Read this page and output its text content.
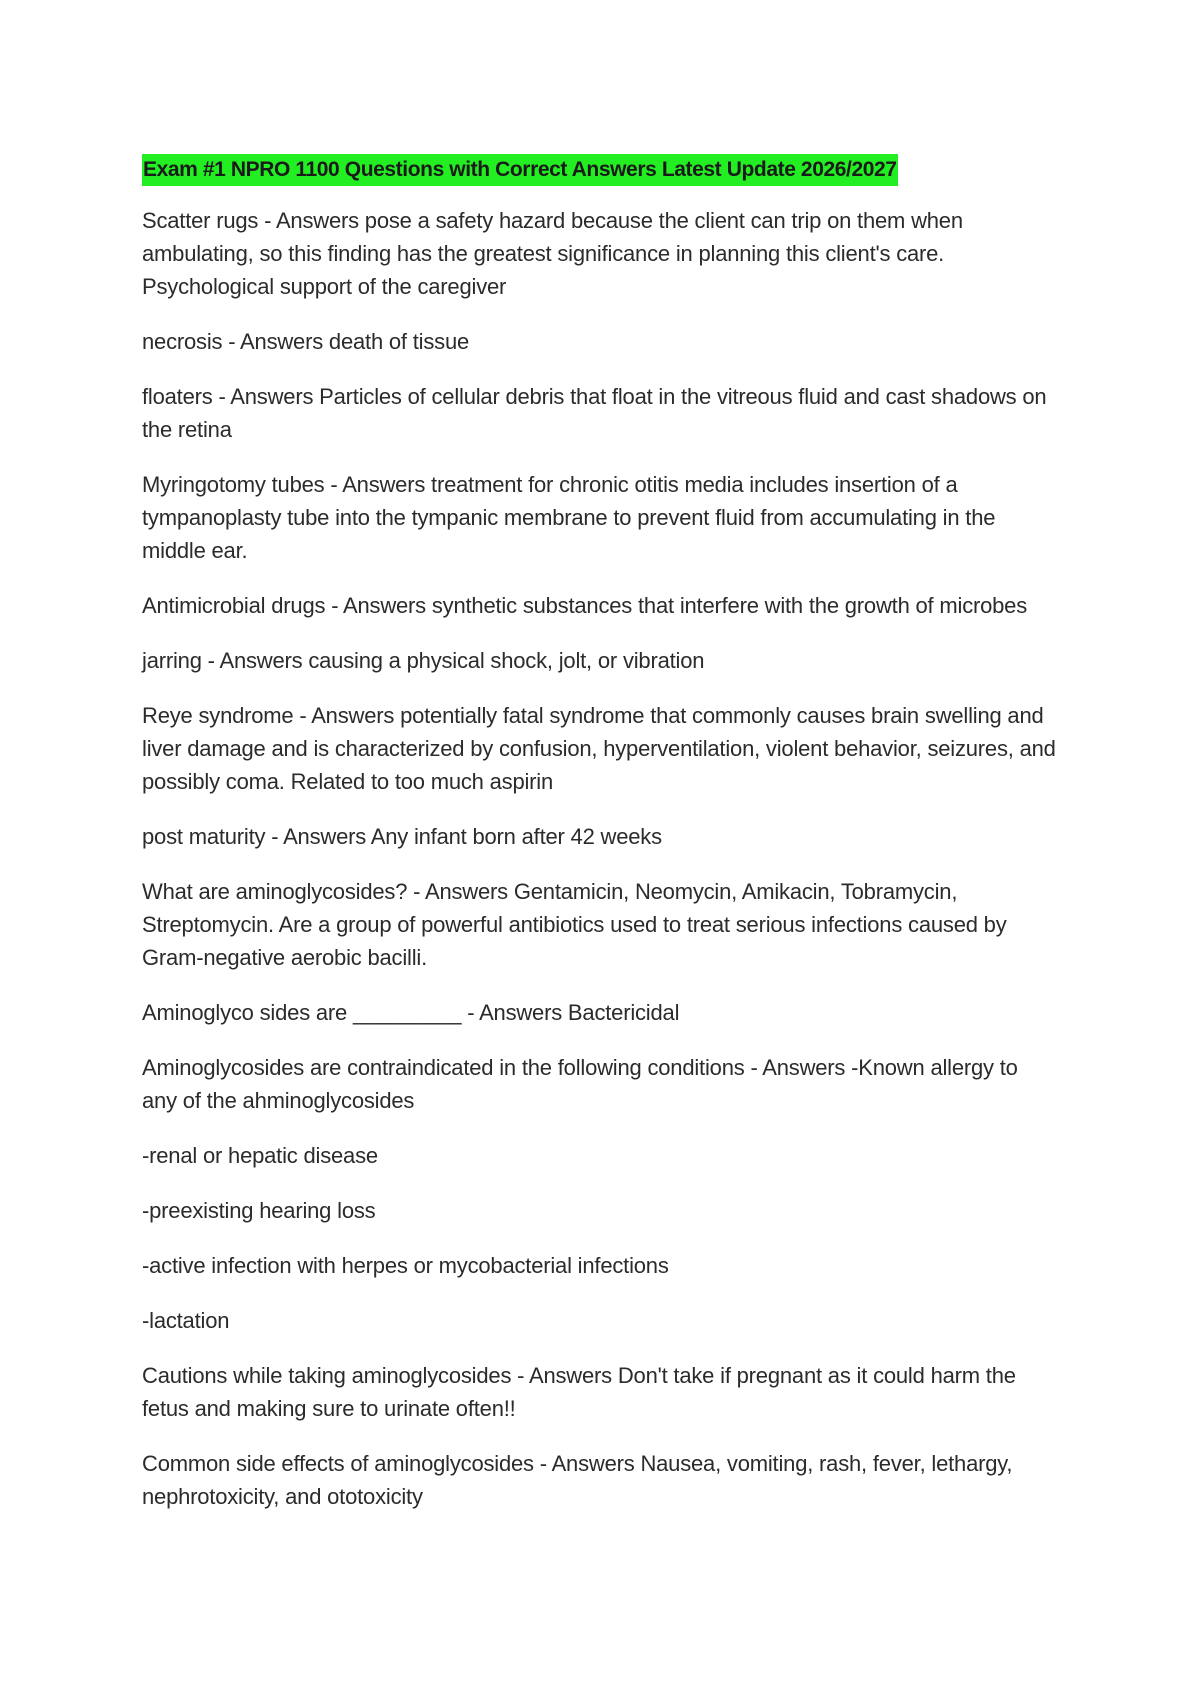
Exam #1 NPRO 1100 Questions with Correct Answers Latest Update 2026/2027
Scatter rugs - Answers pose a safety hazard because the client can trip on them when
ambulating, so this finding has the greatest significance in planning this client's care.
Psychological support of the caregiver
necrosis - Answers death of tissue
floaters - Answers Particles of cellular debris that float in the vitreous fluid and cast shadows on
the retina
Myringotomy tubes - Answers treatment for chronic otitis media includes insertion of a
tympanoplasty tube into the tympanic membrane to prevent fluid from accumulating in the
middle ear.
Antimicrobial drugs - Answers synthetic substances that interfere with the growth of microbes
jarring - Answers causing a physical shock, jolt, or vibration
Reye syndrome - Answers potentially fatal syndrome that commonly causes brain swelling and
liver damage and is characterized by confusion, hyperventilation, violent behavior, seizures, and
possibly coma. Related to too much aspirin
post maturity - Answers Any infant born after 42 weeks
What are aminoglycosides? - Answers Gentamicin, Neomycin, Amikacin, Tobramycin,
Streptomycin. Are a group of powerful antibiotics used to treat serious infections caused by
Gram-negative aerobic bacilli.
Aminoglyco sides are _________ - Answers Bactericidal
Aminoglycosides are contraindicated in the following conditions - Answers -Known allergy to
any of the ahminoglycosides
-renal or hepatic disease
-preexisting hearing loss
-active infection with herpes or mycobacterial infections
-lactation
Cautions while taking aminoglycosides - Answers Don't take if pregnant as it could harm the
fetus and making sure to urinate often!!
Common side effects of aminoglycosides - Answers Nausea, vomiting, rash, fever, lethargy,
nephrotoxicity, and ototoxicity
